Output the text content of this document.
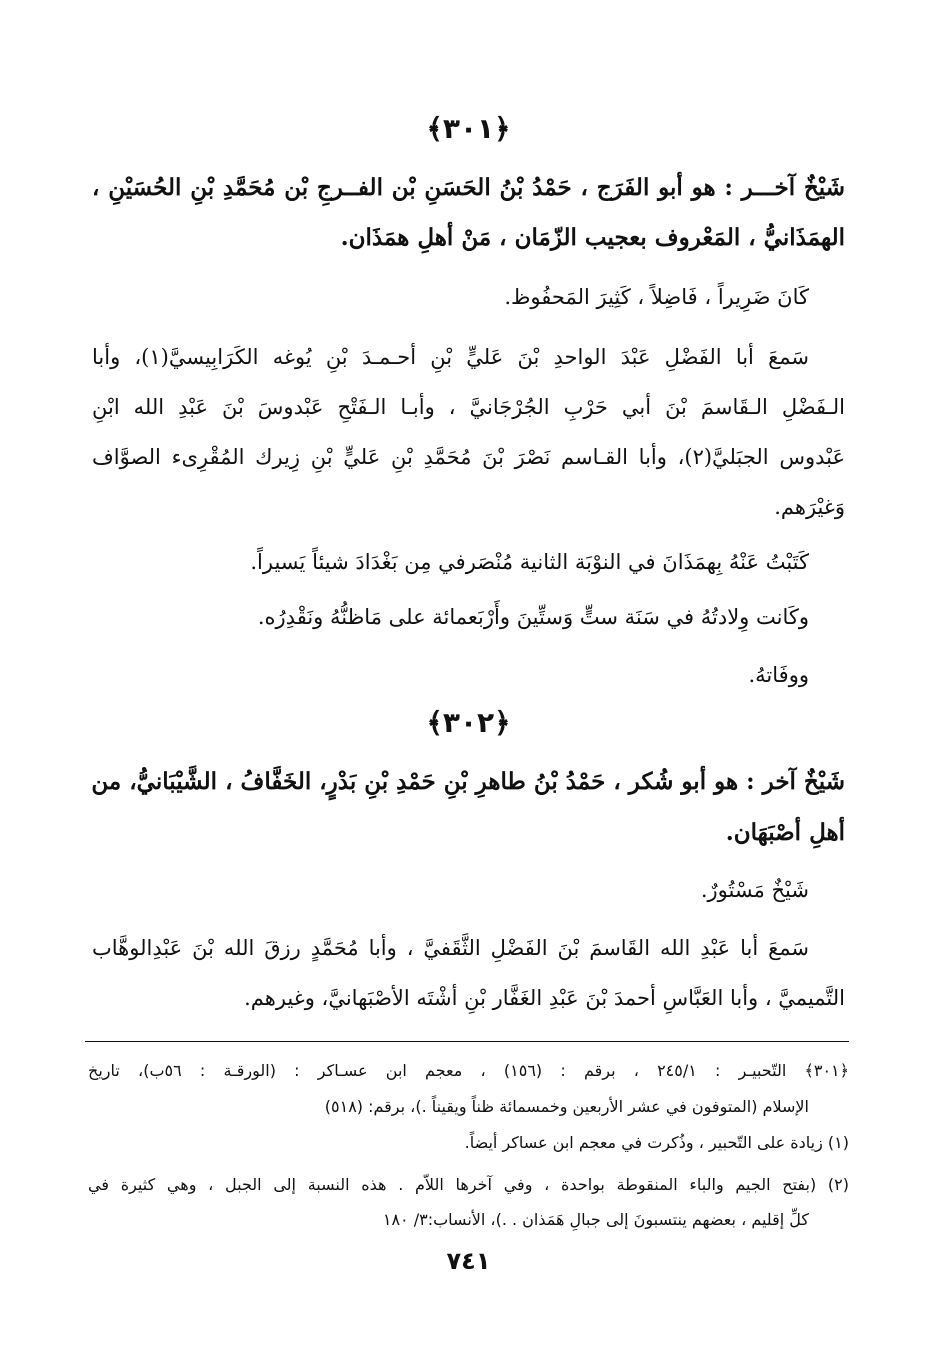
﴿٣٠١﴾
شَيْخٌ آخـــر : هو أبو الفَرَج ، حَمْدُ بْنُ الحَسَنِ بْن الفــرجِ بْن مُحَمَّدِ بْنِ الحُسَيْنِ ،
الهمَذَانيُّ ، المَعْروف بعجيب الزّمَان ، مَنْ أهلِ همَذَان.
كَانَ ضَرِيراً ، فَاضِلاً ، كَثِيرَ المَحفُوظ.
سَمعَ أبا الفَضْلِ عَبْدَ الواحدِ بْنَ عَليٍّ بْنِ أحـمـدَ بْنِ يُوغه الكَرَابِيسيَّ(١)، وأبا
الـفَضْلِ الـقَاسمَ بْنَ أبي حَرْبِ الجُرْجَانيَّ ، وأبـا الـفَتْحِ عَبْدوسَ بْنَ عَبْدِ الله ابْنِ
عَبْدوس الجبَليَّ(٢)، وأبا القـاسم نَصْرَ بْنَ مُحَمَّدِ بْنِ عَليٍّ بْنِ زِيرك المُقْرِىء الصوَّاف
وَغيْرَهم.
كَتَبْتُ عَنْهُ بِهمَذَانَ في النوْبَة الثانية مُنْصَرفي مِن بَغْدَادَ شيئاً يَسيراً.
وكَانت وِلادتُهُ في سَنَة ستٍّ وَستِّينَ وأَرْبَعمائة على مَاظنُّهُ ونَقْدِرُه.
ووفَاتهُ.
﴿٣٠٢﴾
شَيْخٌ آخر : هو أبو شُكر ، حَمْدُ بْنُ طاهرِ بْنِ حَمْدِ بْنِ بَدْرٍ، الخَفَّافُ ، الشَّيْبَانيُّ، من
أهلِ أصْبَهَان.
شَيْخٌ مَسْتُورٌ.
سَمعَ أبا عَبْدِ الله القَاسمَ بْنَ الفَضْلِ الثَّقَفيَّ ، وأبا مُحَمَّدٍ رزقَ الله بْنَ عَبْدِالوهَّاب
التَّميميَّ ، وأبا العَبَّاسِ أحمدَ بْنَ عَبْدِ الغَفَّار بْنِ أشْتَه الأصْبَهانيَّ، وغيرهم.
﴿٣٠١﴾ التّحبيـر : ٢٤٥/١ ، برقم : (١٥٦) ، معجم ابن عسـاكر : (الورقـة : ٥٦ب)، تاريخ
الإسلام (المتوفون في عشر الأربعين وخمسمائة ظناً ويقيناً .)، برقم: (٥١٨)
(١) زيادة على التّحبير ، وذُكرت في معجم ابن عساكر أيضاً.
(٢) (بفتح الجيم والباء المنقوطة بواحدة ، وفي آخرها اللاّم . هذه النسبة إلى الجبل ، وهي كثيرة في
كلِّ إقليم ، بعضهم ينتسبونَ إلى جبالِ هَمَذان . .)، الأنساب:٣/ ١٨٠
٧٤١
